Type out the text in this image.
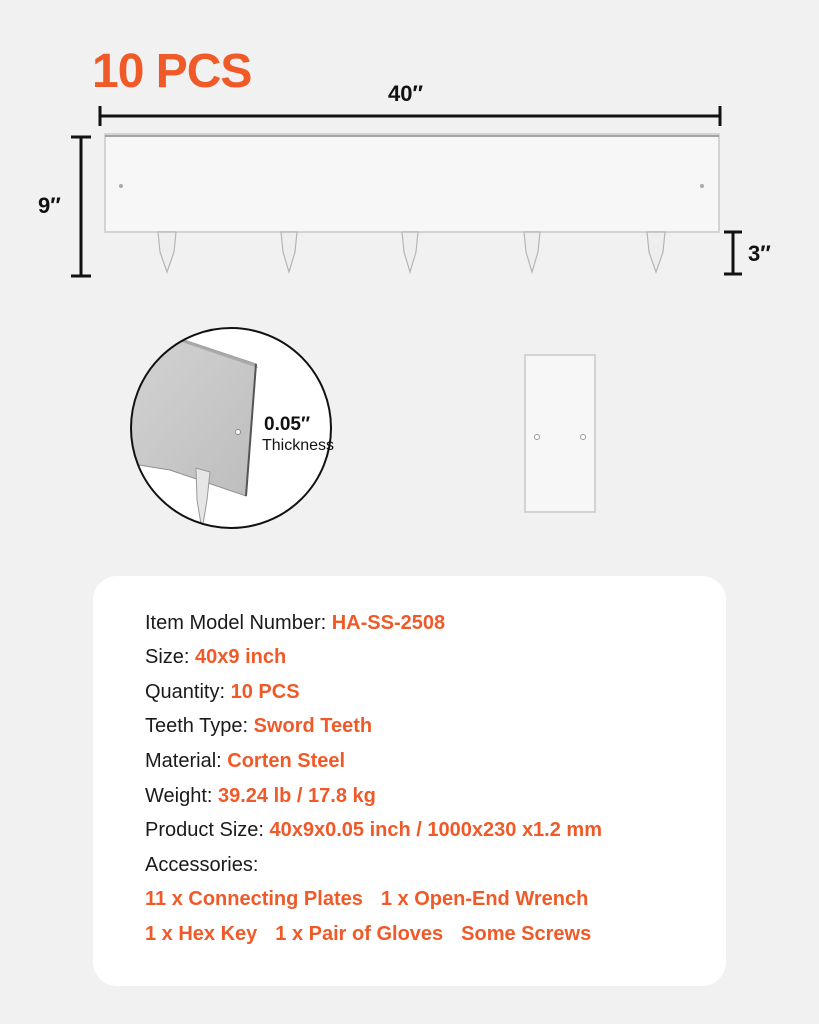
10 PCS	40′′
9′′
3′′
0.05′′
Thickness
Item Model Number: HA-SS-2508
Size: 40x9 inch
Quantity: 10 PCS
Teeth Type: Sword Teeth
Material: Corten Steel
Weight: 39.24 lb / 17.8 kg
Product Size: 40x9x0.05 inch / 1000x230 x1.2 mm
Accessories:
11 x Connecting Plates 1 x Open-End Wrench
1 x Hex Key 1 x Pair of Gloves Some Screws
